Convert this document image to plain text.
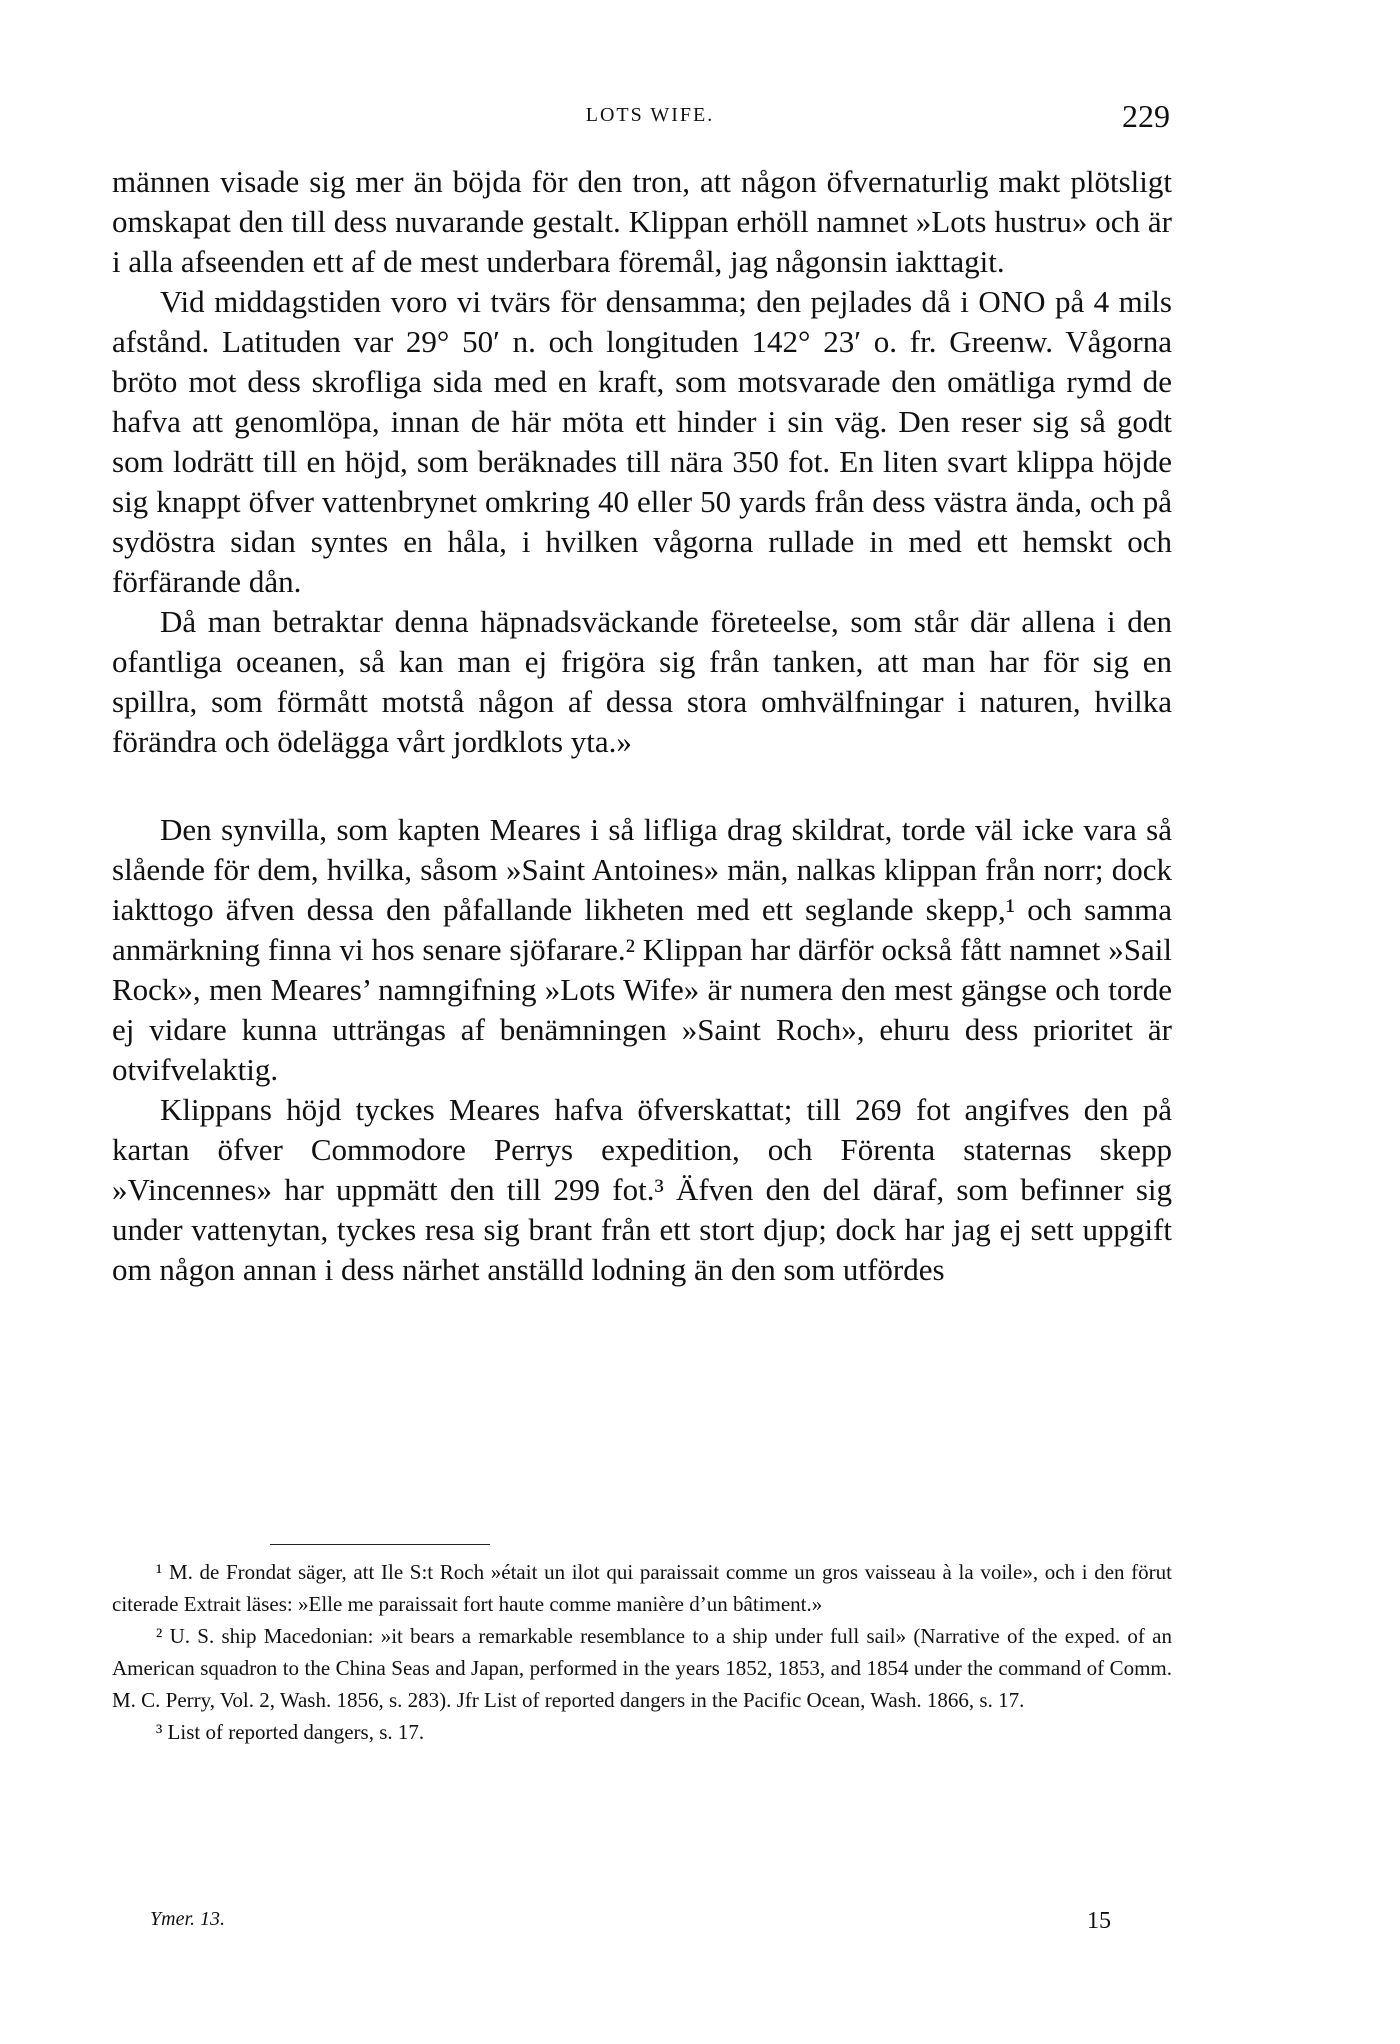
LOTS WIFE.	229

männen visade sig mer än böjda för den tron, att någon öfvernaturlig makt plötsligt omskapat den till dess nuvarande gestalt. Klippan erhöll namnet »Lots hustru» och är i alla afseenden ett af de mest underbara föremål, jag någonsin iakttagit.

Vid middagstiden voro vi tvärs för densamma; den pejlades då i ONO på 4 mils afstånd. Latituden var 29° 50′ n. och longituden 142° 23′ o. fr. Greenw. Vågorna bröto mot dess skrofliga sida med en kraft, som motsvarade den omätliga rymd de hafva att genomlöpa, innan de här möta ett hinder i sin väg. Den reser sig så godt som lodrätt till en höjd, som beräknades till nära 350 fot. En liten svart klippa höjde sig knappt öfver vattenbrynet omkring 40 eller 50 yards från dess västra ända, och på sydöstra sidan syntes en håla, i hvilken vågorna rullade in med ett hemskt och förfärande dån.

Då man betraktar denna häpnadsväckande företeelse, som står där allena i den ofantliga oceanen, så kan man ej frigöra sig från tanken, att man har för sig en spillra, som förmått motstå någon af dessa stora omhvälfningar i naturen, hvilka förändra och ödelägga vårt jordklots yta.»

Den synvilla, som kapten Meares i så lifliga drag skildrat, torde väl icke vara så slående för dem, hvilka, såsom »Saint Antoines» män, nalkas klippan från norr; dock iakttogo äfven dessa den påfallande likheten med ett seglande skepp,¹ och samma anmärkning finna vi hos senare sjöfarare.² Klippan har därför också fått namnet »Sail Rock», men Meares’ namngifning »Lots Wife» är numera den mest gängse och torde ej vidare kunna utträngas af benämningen »Saint Roch», ehuru dess prioritet är otvifvelaktig.

Klippans höjd tyckes Meares hafva öfverskattat; till 269 fot angifves den på kartan öfver Commodore Perrys expedition, och Förenta staternas skepp »Vincennes» har uppmätt den till 299 fot.³ Äfven den del däraf, som befinner sig under vattenytan, tyckes resa sig brant från ett stort djup; dock har jag ej sett uppgift om någon annan i dess närhet anställd lodning än den som utfördes

¹ M. de Frondat säger, att Ile S:t Roch »était un ilot qui paraissait comme un gros vaisseau à la voile», och i den förut citerade Extrait läses: »Elle me paraissait fort haute comme manière d’un bâtiment.»

² U. S. ship Macedonian: »it bears a remarkable resemblance to a ship under full sail» (Narrative of the exped. of an American squadron to the China Seas and Japan, performed in the years 1852, 1853, and 1854 under the command of Comm. M. C. Perry, Vol. 2, Wash. 1856, s. 283). Jfr List of reported dangers in the Pacific Ocean, Wash. 1866, s. 17.

³ List of reported dangers, s. 17.

Ymer. 13.	15
